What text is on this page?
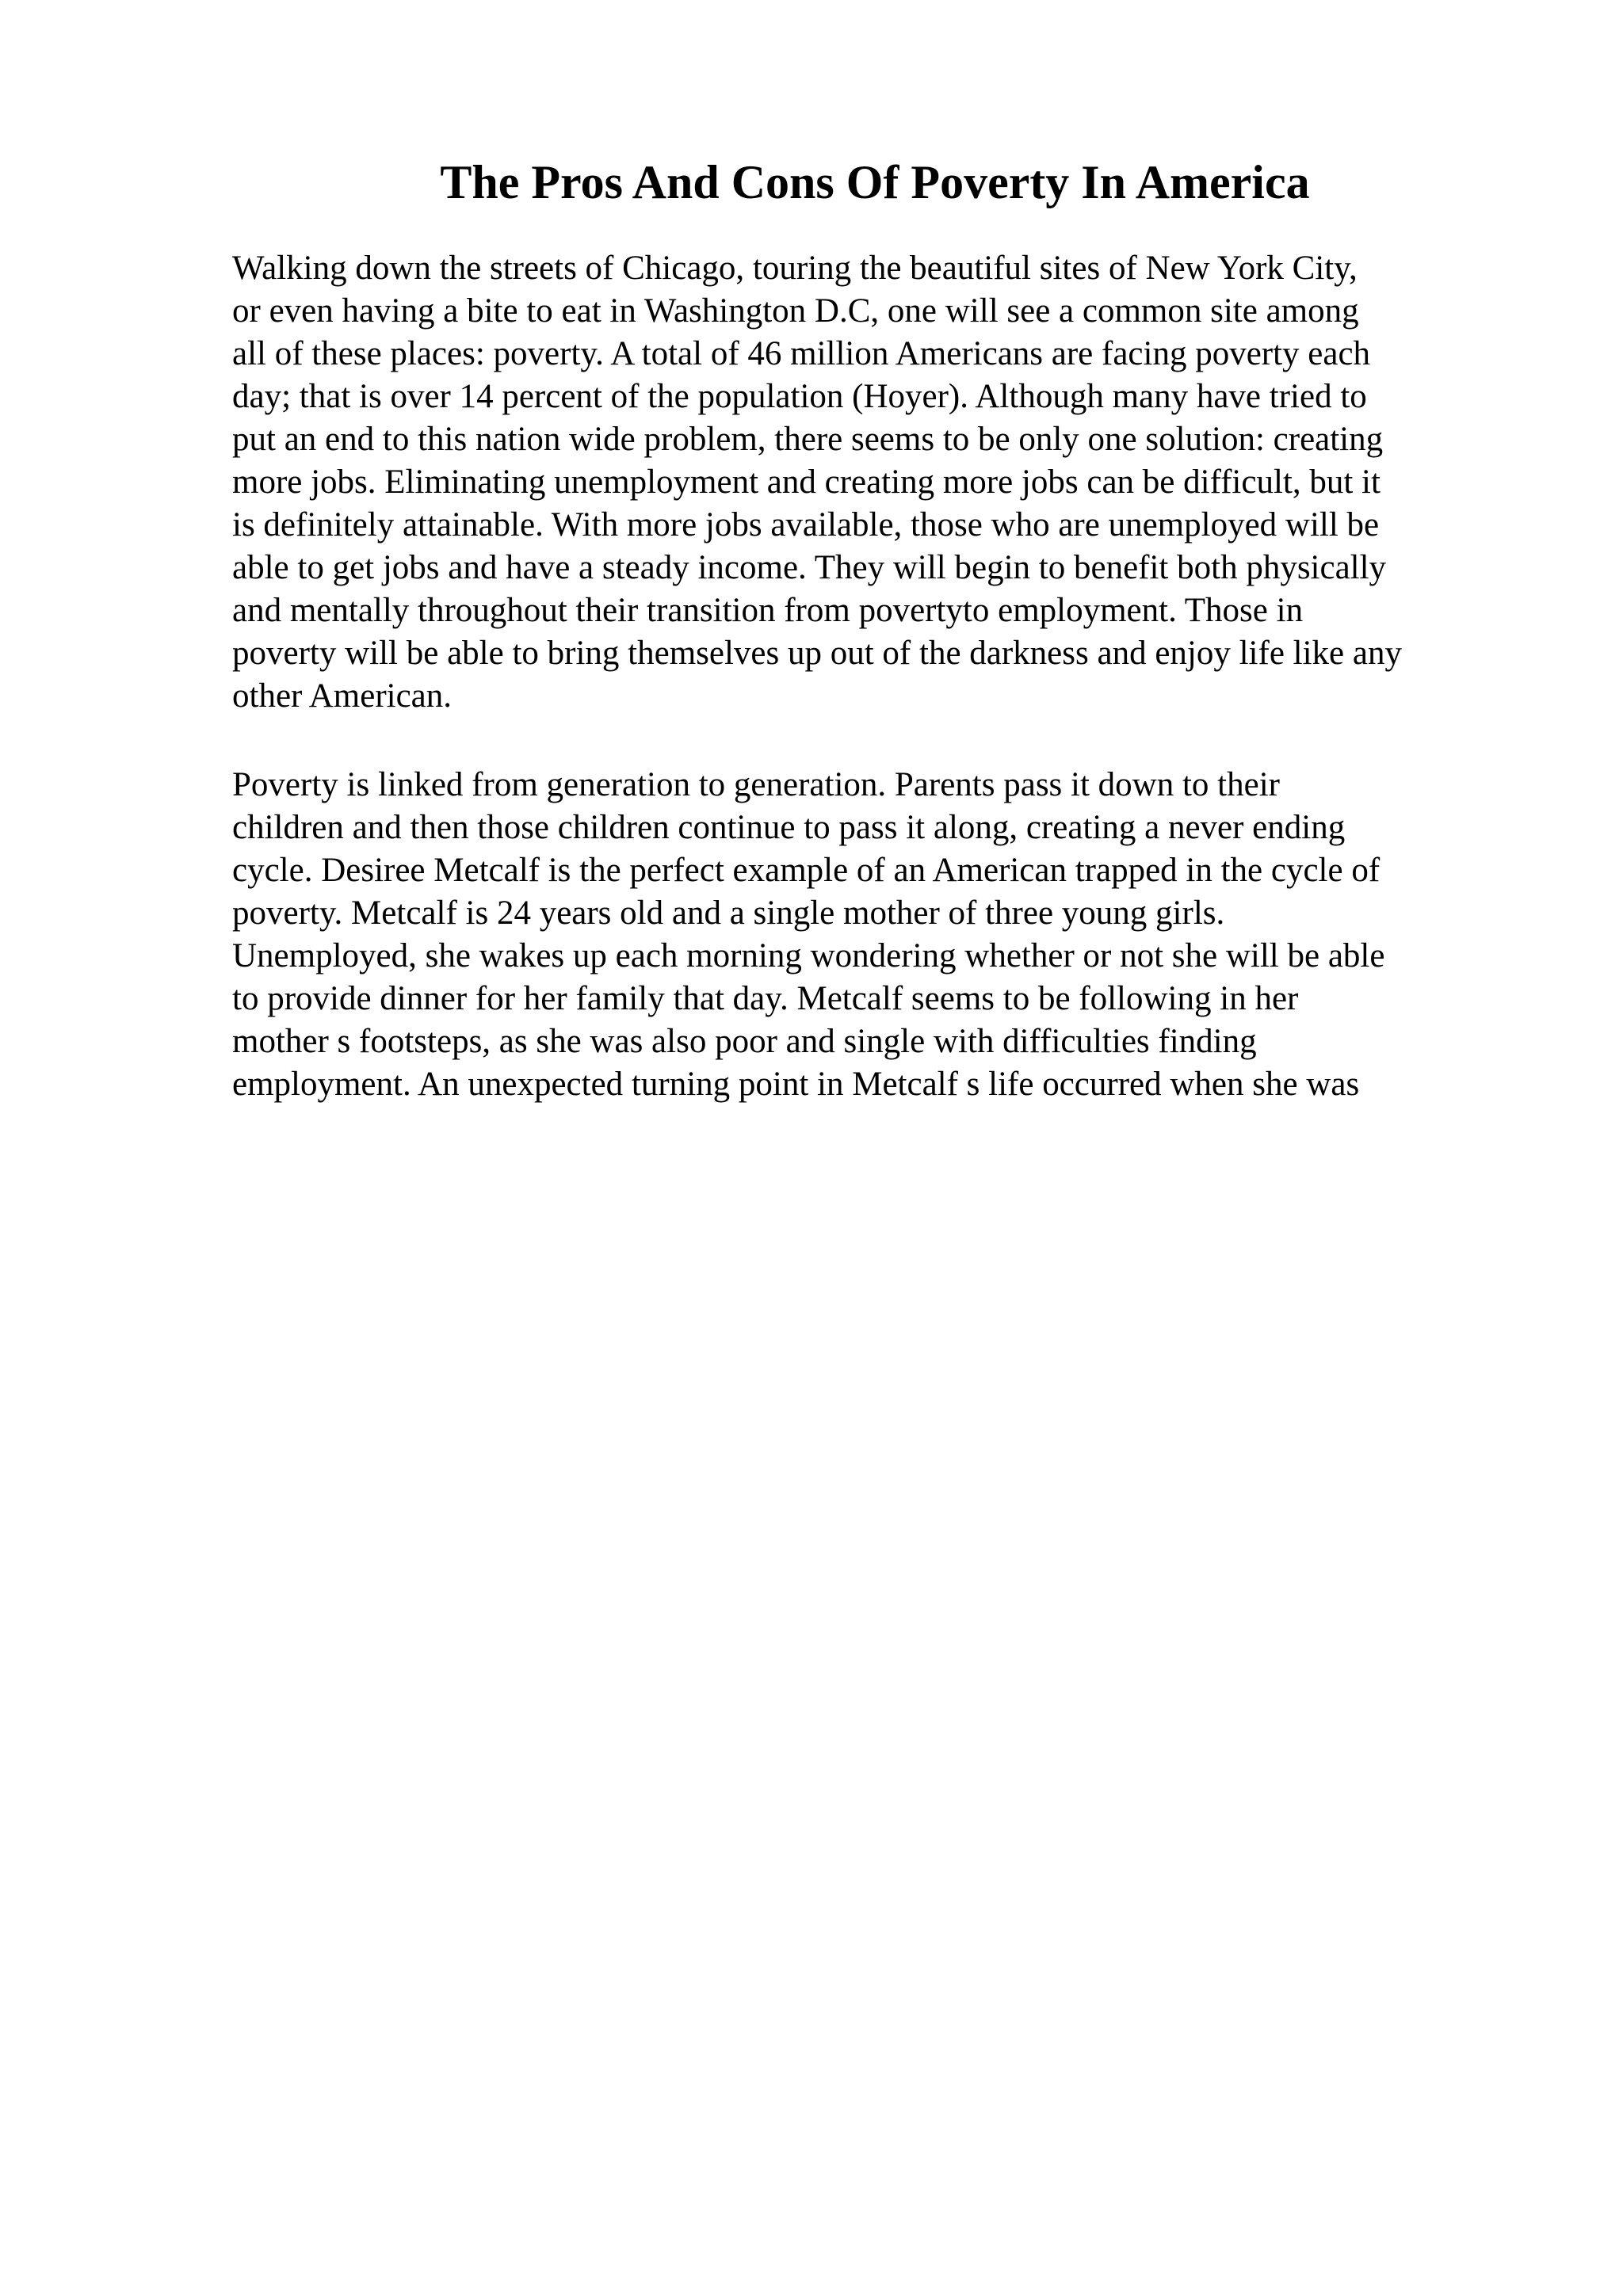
The Pros And Cons Of Poverty In America
Walking down the streets of Chicago, touring the beautiful sites of New York City,
or even having a bite to eat in Washington D.C, one will see a common site among
all of these places: poverty. A total of 46 million Americans are facing poverty each
day; that is over 14 percent of the population (Hoyer). Although many have tried to
put an end to this nation wide problem, there seems to be only one solution: creating
more jobs. Eliminating unemployment and creating more jobs can be difficult, but it
is definitely attainable. With more jobs available, those who are unemployed will be
able to get jobs and have a steady income. They will begin to benefit both physically
and mentally throughout their transition from povertyto employment. Those in
poverty will be able to bring themselves up out of the darkness and enjoy life like any
other American.
Poverty is linked from generation to generation. Parents pass it down to their
children and then those children continue to pass it along, creating a never ending
cycle. Desiree Metcalf is the perfect example of an American trapped in the cycle of
poverty. Metcalf is 24 years old and a single mother of three young girls.
Unemployed, she wakes up each morning wondering whether or not she will be able
to provide dinner for her family that day. Metcalf seems to be following in her
mother s footsteps, as she was also poor and single with difficulties finding
employment. An unexpected turning point in Metcalf s life occurred when she was
